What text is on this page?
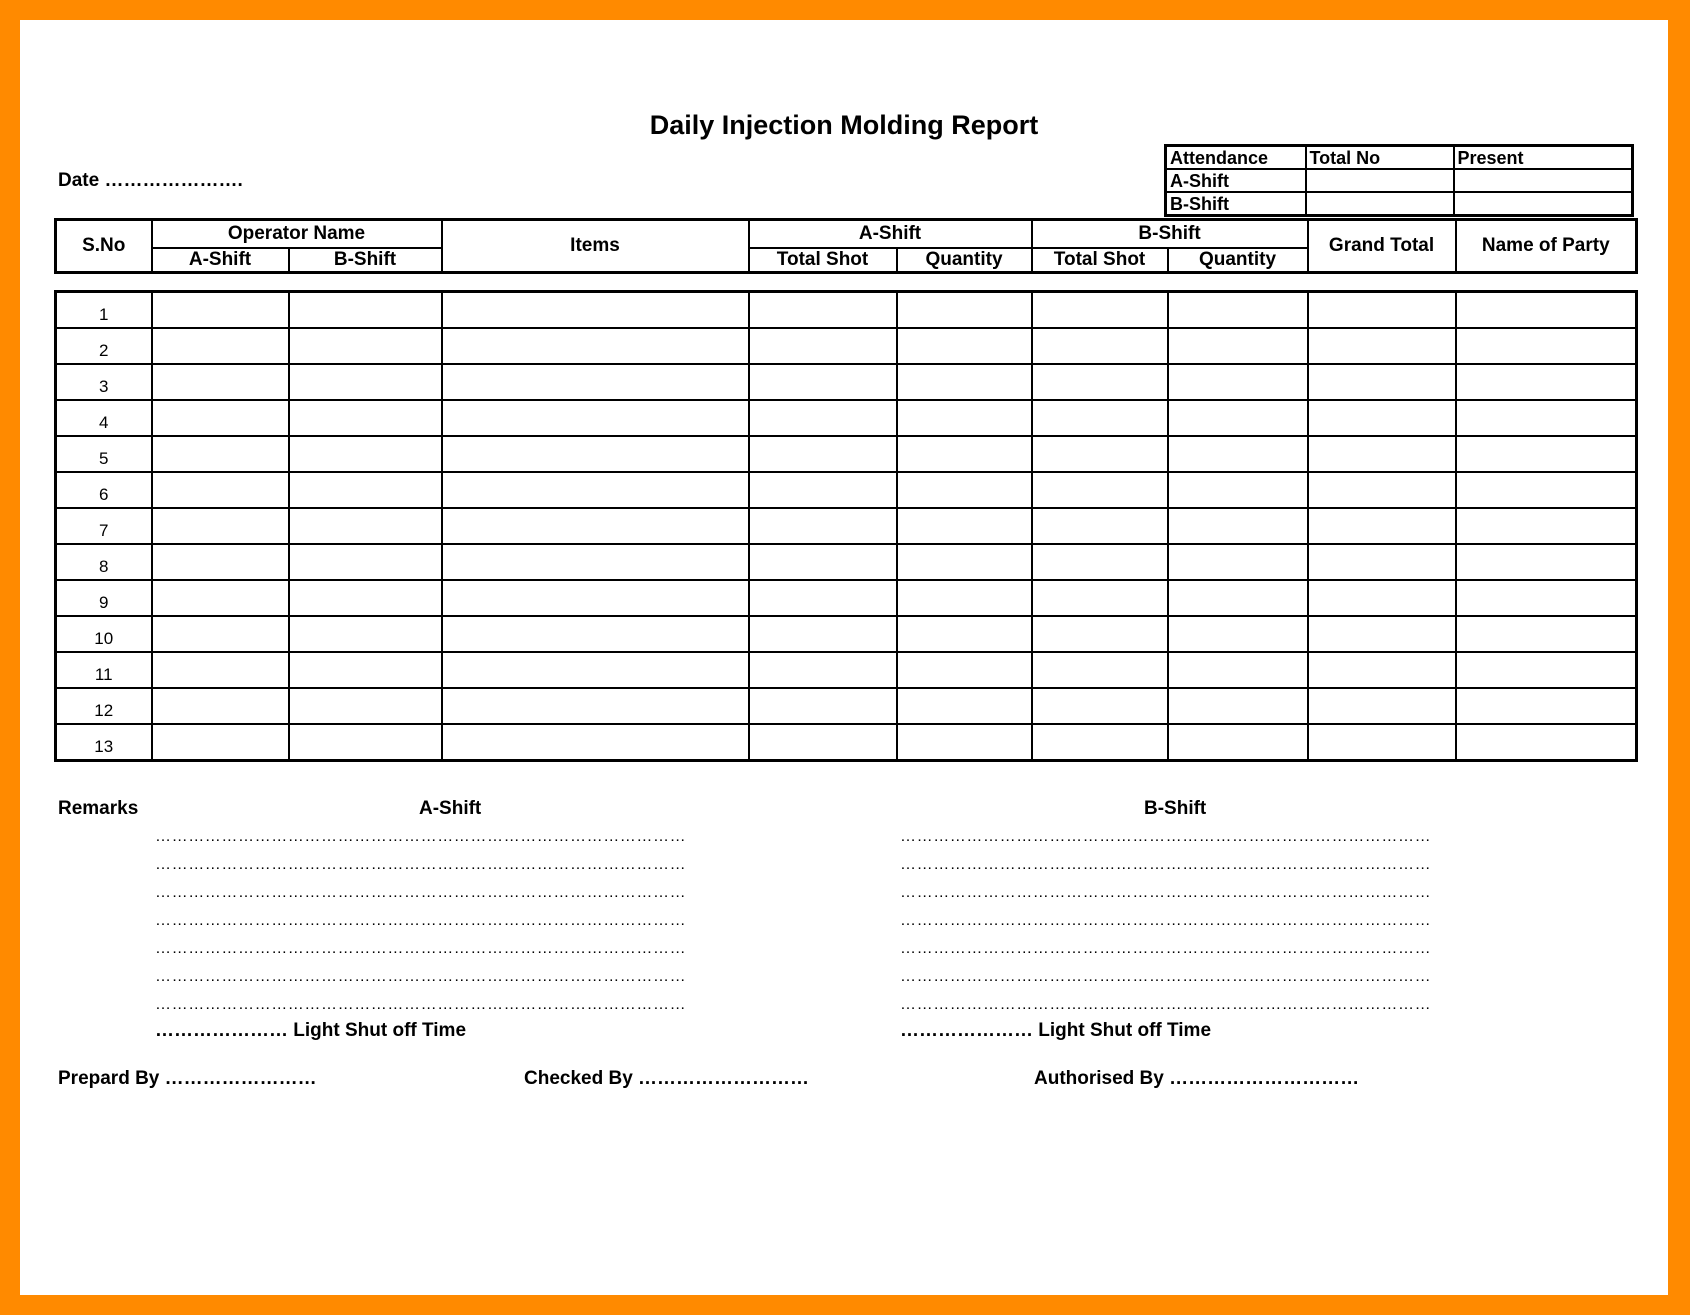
Daily Injection Molding Report
Date ………………….
Attendance	Total No	Present
A-Shift		
B-Shift		
S.No	Operator Name		Items	A-Shift		B-Shift		Grand Total	Name of Party
	A-Shift	B-Shift		Total Shot	Quantity	Total Shot	Quantity		
1									

2									

3									

4									

5									

6									

7									

8									

9									

10									

11									

12									

13									

Remarks	A-Shift	B-Shift
……………………………………………………………………………………
……………………………………………………………………………………
……………………………………………………………………………………
……………………………………………………………………………………
……………………………………………………………………………………
……………………………………………………………………………………
……………………………………………………………………………………
……………………………………………………………………………………
……………………………………………………………………………………
……………………………………………………………………………………
……………………………………………………………………………………
……………………………………………………………………………………
……………………………………………………………………………………
……………………………………………………………………………………
………………… Light Shut off Time	………………… Light Shut off Time
Prepard By ……………………	Checked By ………………………	Authorised By …………………………
